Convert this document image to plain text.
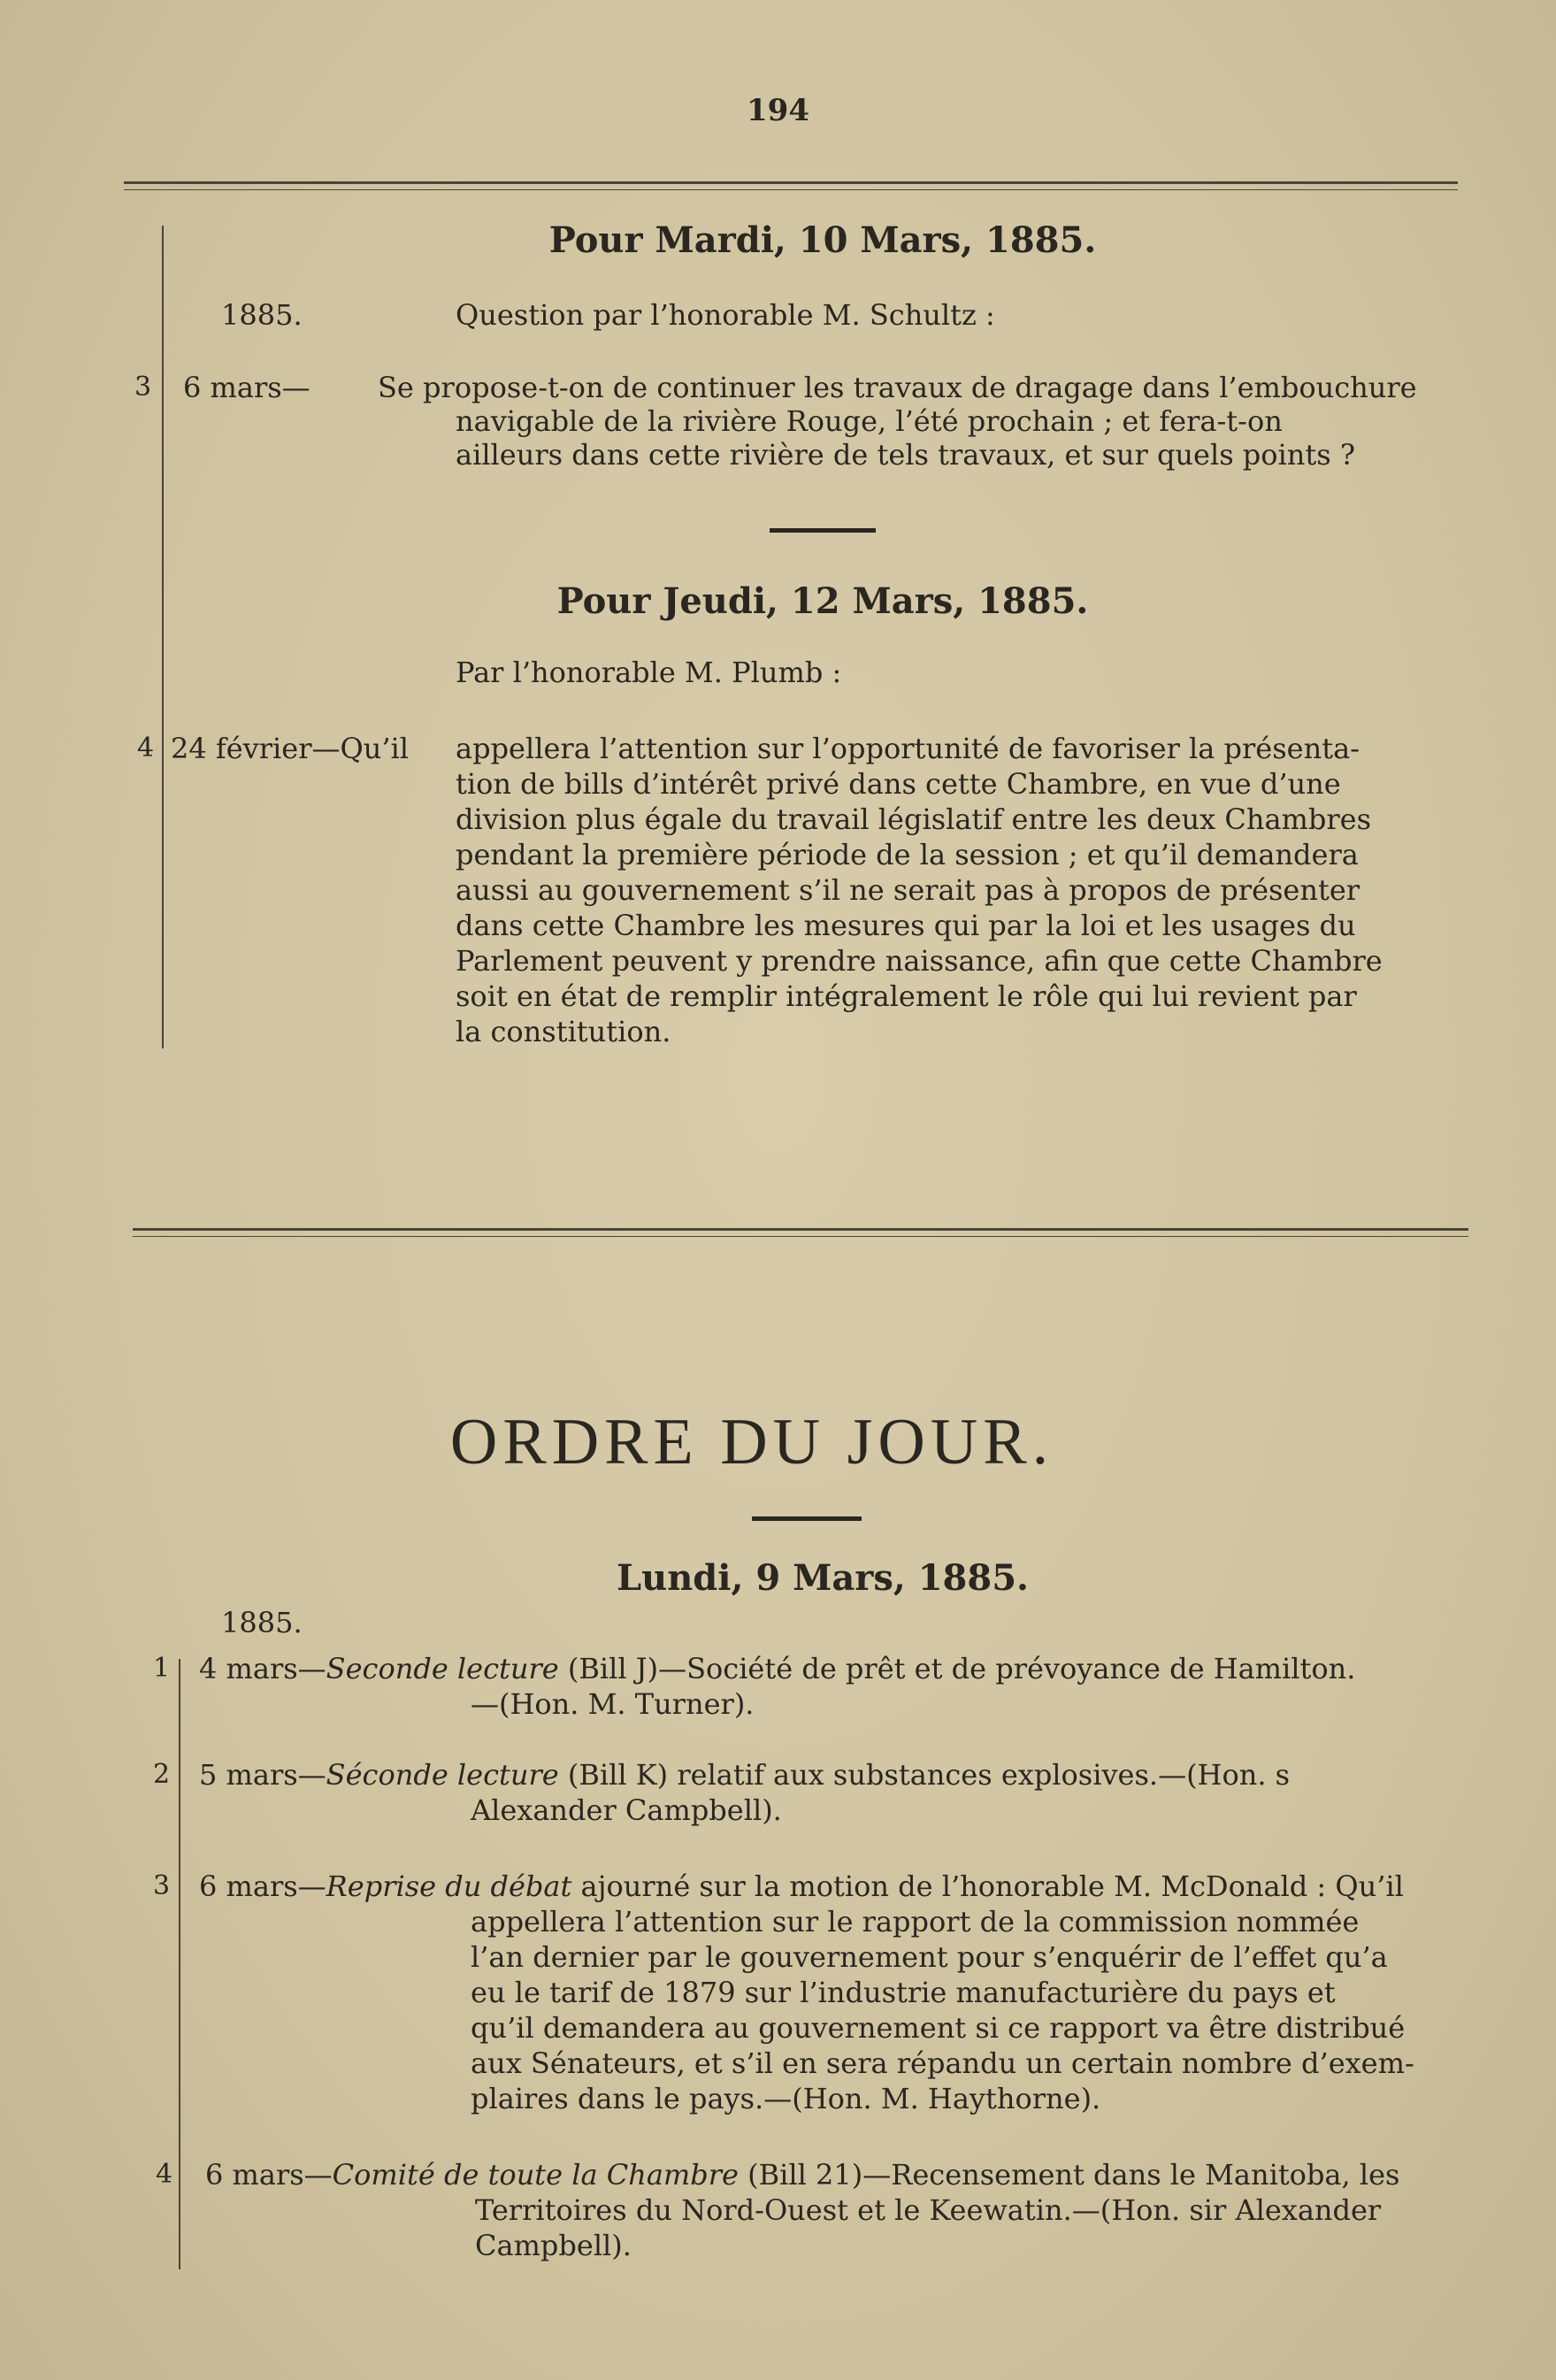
194
Pour Mardi, 10 Mars, 1885.
1885.	Question par l’honorable M. Schultz :
3 6 mars— Se propose-t-on de continuer les travaux de dragage dans l’embouchure
navigable de la rivière Rouge, l’été prochain ; et fera-t-on
ailleurs dans cette rivière de tels travaux, et sur quels points ?
Pour Jeudi, 12 Mars, 1885.
Par l’honorable M. Plumb :
4 24 février—Qu’il appellera l’attention sur l’opportunité de favoriser la présenta-
tion de bills d’intérêt privé dans cette Chambre, en vue d’une
division plus égale du travail législatif entre les deux Chambres
pendant la première période de la session ; et qu’il demandera
aussi au gouvernement s’il ne serait pas à propos de présenter
dans cette Chambre les mesures qui par la loi et les usages du
Parlement peuvent y prendre naissance, afin que cette Chambre
soit en état de remplir intégralement le rôle qui lui revient par
la constitution.
ORDRE DU JOUR.
Lundi, 9 Mars, 1885.
1885.
1 4 mars—Seconde lecture (Bill J)—Société de prêt et de prévoyance de Hamilton.
—(Hon. M. Turner).
2 5 mars—Séconde lecture (Bill K) relatif aux substances explosives.—(Hon. s
Alexander Campbell).
3 6 mars—Reprise du débat ajourné sur la motion de l’honorable M. McDonald : Qu’il
appellera l’attention sur le rapport de la commission nommée
l’an dernier par le gouvernement pour s’enquérir de l’effet qu’a
eu le tarif de 1879 sur l’industrie manufacturière du pays et
qu’il demandera au gouvernement si ce rapport va être distribué
aux Sénateurs, et s’il en sera répandu un certain nombre d’exem-
plaires dans le pays.—(Hon. M. Haythorne).
4 6 mars—Comité de toute la Chambre (Bill 21)—Recensement dans le Manitoba, les
Territoires du Nord-Ouest et le Keewatin.—(Hon. sir Alexander
Campbell).
